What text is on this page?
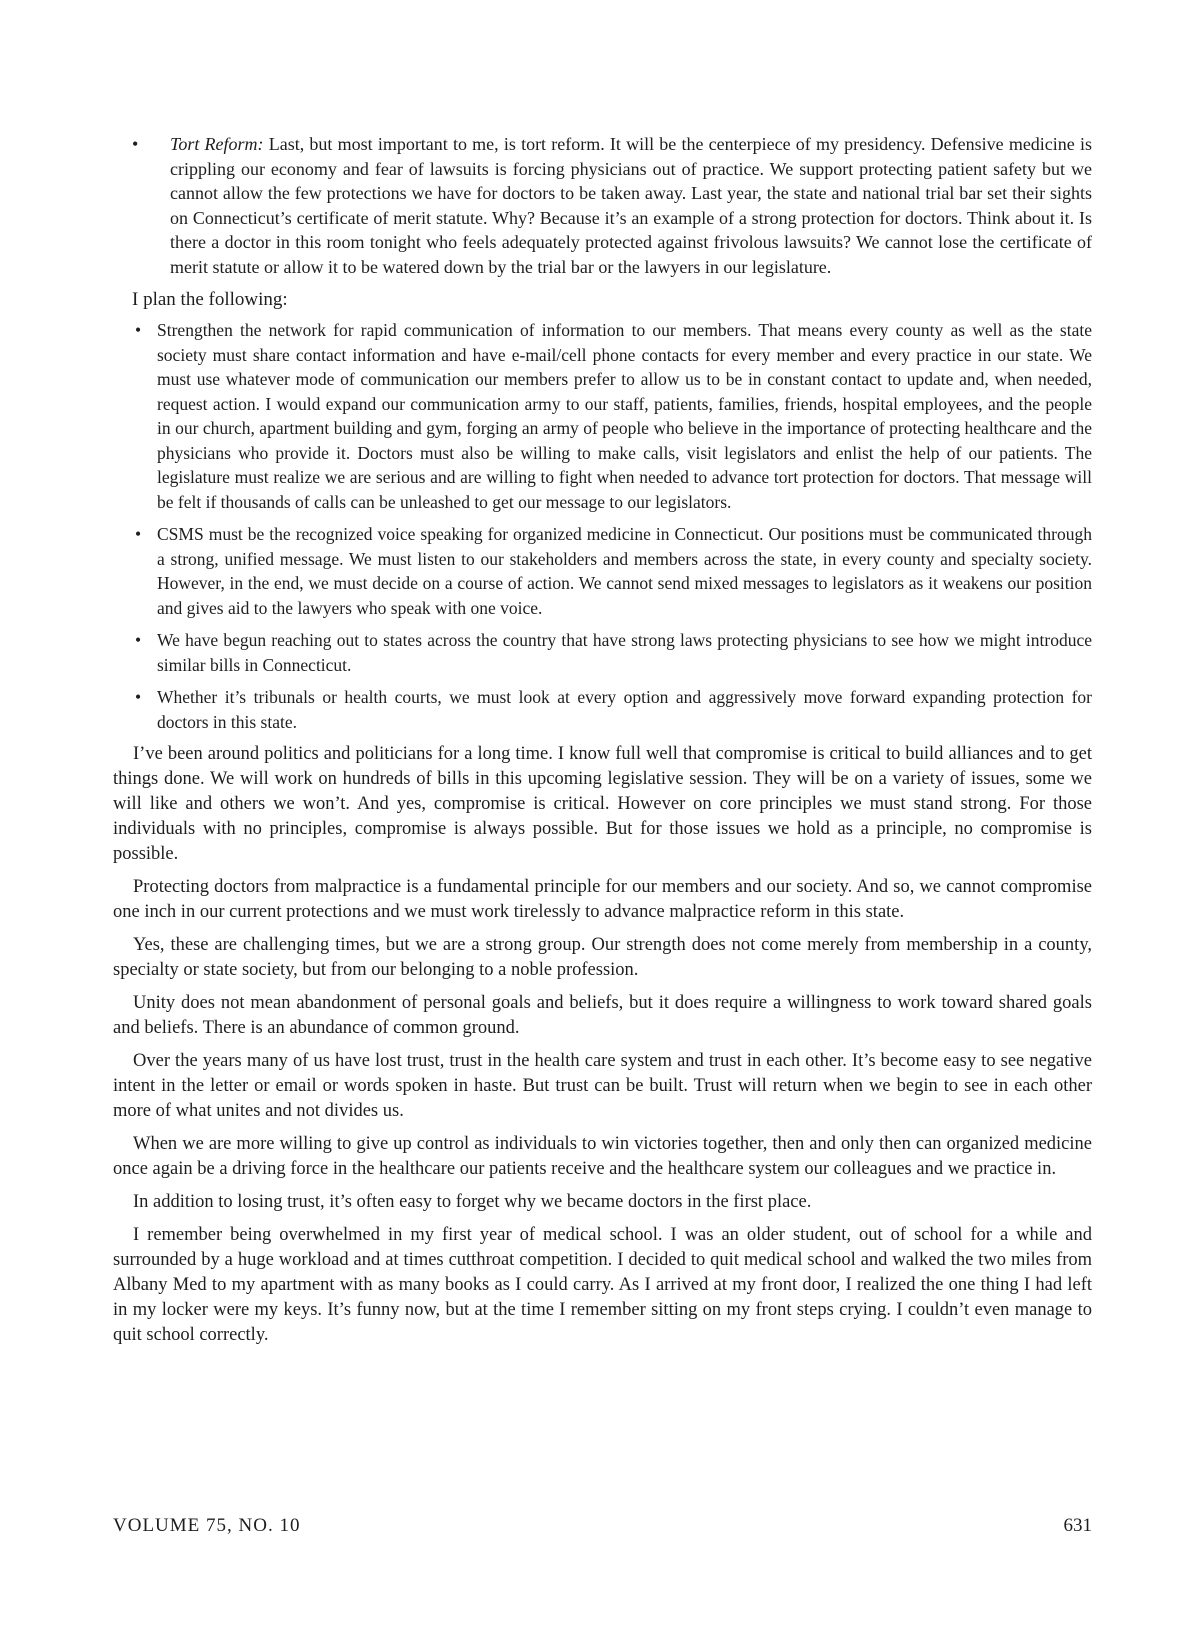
• Tort Reform: Last, but most important to me, is tort reform. It will be the centerpiece of my presidency. Defensive medicine is crippling our economy and fear of lawsuits is forcing physicians out of practice. We support protecting patient safety but we cannot allow the few protections we have for doctors to be taken away. Last year, the state and national trial bar set their sights on Connecticut’s certificate of merit statute. Why? Because it’s an example of a strong protection for doctors. Think about it. Is there a doctor in this room tonight who feels adequately protected against frivolous lawsuits? We cannot lose the certificate of merit statute or allow it to be watered down by the trial bar or the lawyers in our legislature.

I plan the following:

• Strengthen the network for rapid communication of information to our members. That means every county as well as the state society must share contact information and have e-mail/cell phone contacts for every member and every practice in our state. We must use whatever mode of communication our members prefer to allow us to be in constant contact to update and, when needed, request action. I would expand our communication army to our staff, patients, families, friends, hospital employees, and the people in our church, apartment building and gym, forging an army of people who believe in the importance of protecting healthcare and the physicians who provide it. Doctors must also be willing to make calls, visit legislators and enlist the help of our patients. The legislature must realize we are serious and are willing to fight when needed to advance tort protection for doctors. That message will be felt if thousands of calls can be unleashed to get our message to our legislators.
• CSMS must be the recognized voice speaking for organized medicine in Connecticut. Our positions must be communicated through a strong, unified message. We must listen to our stakeholders and members across the state, in every county and specialty society. However, in the end, we must decide on a course of action. We cannot send mixed messages to legislators as it weakens our position and gives aid to the lawyers who speak with one voice.
• We have begun reaching out to states across the country that have strong laws protecting physicians to see how we might introduce similar bills in Connecticut.
• Whether it’s tribunals or health courts, we must look at every option and aggressively move forward expanding protection for doctors in this state.

I’ve been around politics and politicians for a long time. I know full well that compromise is critical to build alliances and to get things done. We will work on hundreds of bills in this upcoming legislative session. They will be on a variety of issues, some we will like and others we won’t. And yes, compromise is critical. However on core principles we must stand strong. For those individuals with no principles, compromise is always possible. But for those issues we hold as a principle, no compromise is possible.

Protecting doctors from malpractice is a fundamental principle for our members and our society. And so, we cannot compromise one inch in our current protections and we must work tirelessly to advance malpractice reform in this state.

Yes, these are challenging times, but we are a strong group. Our strength does not come merely from membership in a county, specialty or state society, but from our belonging to a noble profession.

Unity does not mean abandonment of personal goals and beliefs, but it does require a willingness to work toward shared goals and beliefs. There is an abundance of common ground.

Over the years many of us have lost trust, trust in the health care system and trust in each other. It’s become easy to see negative intent in the letter or email or words spoken in haste. But trust can be built. Trust will return when we begin to see in each other more of what unites and not divides us.

When we are more willing to give up control as individuals to win victories together, then and only then can organized medicine once again be a driving force in the healthcare our patients receive and the healthcare system our colleagues and we practice in.

In addition to losing trust, it’s often easy to forget why we became doctors in the first place.

I remember being overwhelmed in my first year of medical school. I was an older student, out of school for a while and surrounded by a huge workload and at times cutthroat competition. I decided to quit medical school and walked the two miles from Albany Med to my apartment with as many books as I could carry. As I arrived at my front door, I realized the one thing I had left in my locker were my keys. It’s funny now, but at the time I remember sitting on my front steps crying. I couldn’t even manage to quit school correctly.

VOLUME 75, NO. 10	631
